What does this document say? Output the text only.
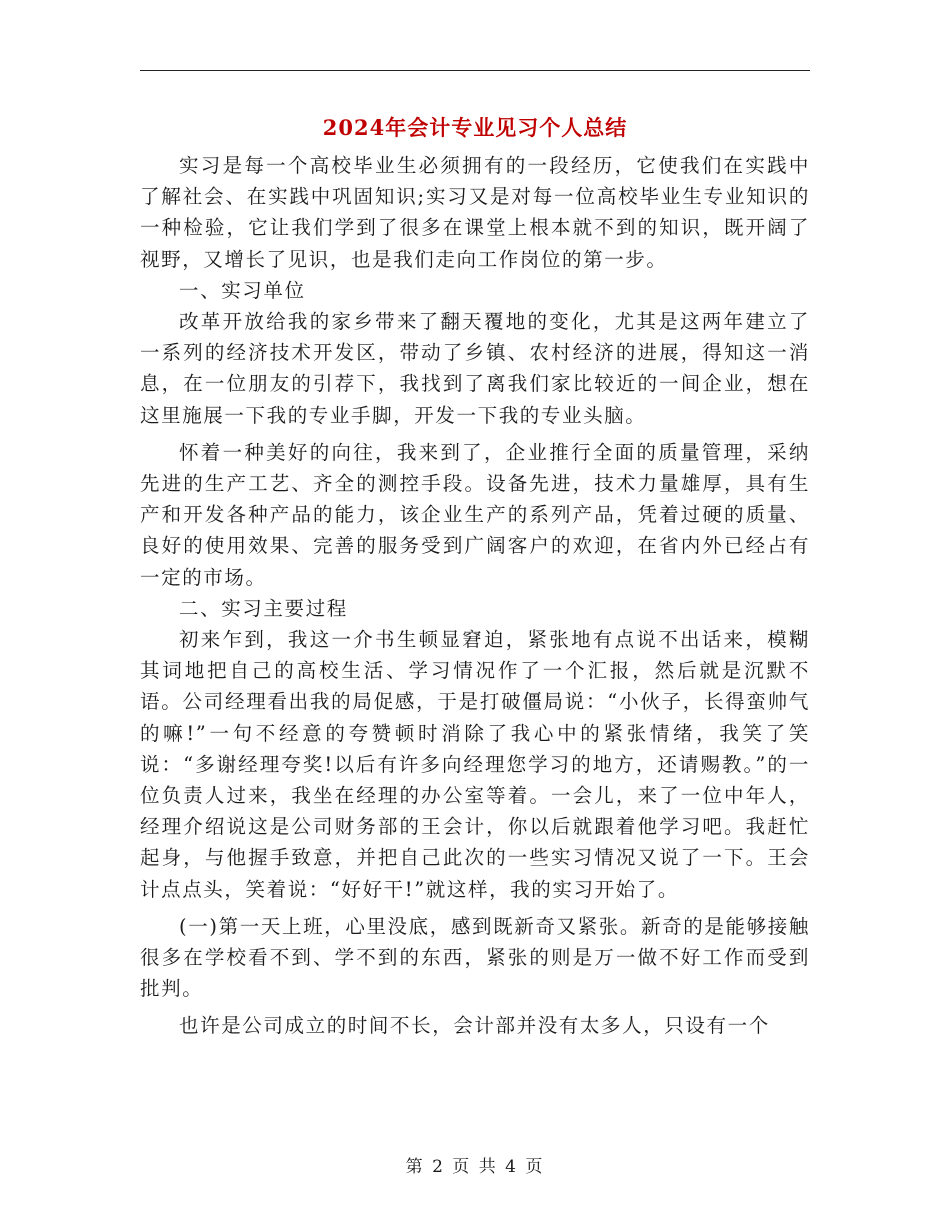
2024年会计专业见习个人总结

实习是每一个高校毕业生必须拥有的一段经历，它使我们在实践中了解社会、在实践中巩固知识;实习又是对每一位高校毕业生专业知识的一种检验，它让我们学到了很多在课堂上根本就不到的知识，既开阔了视野，又增长了见识，也是我们走向工作岗位的第一步。

一、实习单位

改革开放给我的家乡带来了翻天覆地的变化，尤其是这两年建立了一系列的经济技术开发区，带动了乡镇、农村经济的进展，得知这一消息，在一位朋友的引荐下，我找到了离我们家比较近的一间企业，想在这里施展一下我的专业手脚，开发一下我的专业头脑。

怀着一种美好的向往，我来到了，企业推行全面的质量管理，采纳先进的生产工艺、齐全的测控手段。设备先进，技术力量雄厚，具有生产和开发各种产品的能力，该企业生产的系列产品，凭着过硬的质量、良好的使用效果、完善的服务受到广阔客户的欢迎，在省内外已经占有一定的市场。

二、实习主要过程

初来乍到，我这一介书生顿显窘迫，紧张地有点说不出话来，模糊其词地把自己的高校生活、学习情况作了一个汇报，然后就是沉默不语。公司经理看出我的局促感，于是打破僵局说：“小伙子，长得蛮帅气的嘛!”一句不经意的夸赞顿时消除了我心中的紧张情绪，我笑了笑说：“多谢经理夸奖!以后有许多向经理您学习的地方，还请赐教。”的一位负责人过来，我坐在经理的办公室等着。一会儿，来了一位中年人，经理介绍说这是公司财务部的王会计，你以后就跟着他学习吧。我赶忙起身，与他握手致意，并把自己此次的一些实习情况又说了一下。王会计点点头，笑着说：“好好干!”就这样，我的实习开始了。

(一)第一天上班，心里没底，感到既新奇又紧张。新奇的是能够接触很多在学校看不到、学不到的东西，紧张的则是万一做不好工作而受到批判。

也许是公司成立的时间不长，会计部并没有太多人，只设有一个

第 2 页 共 4 页
